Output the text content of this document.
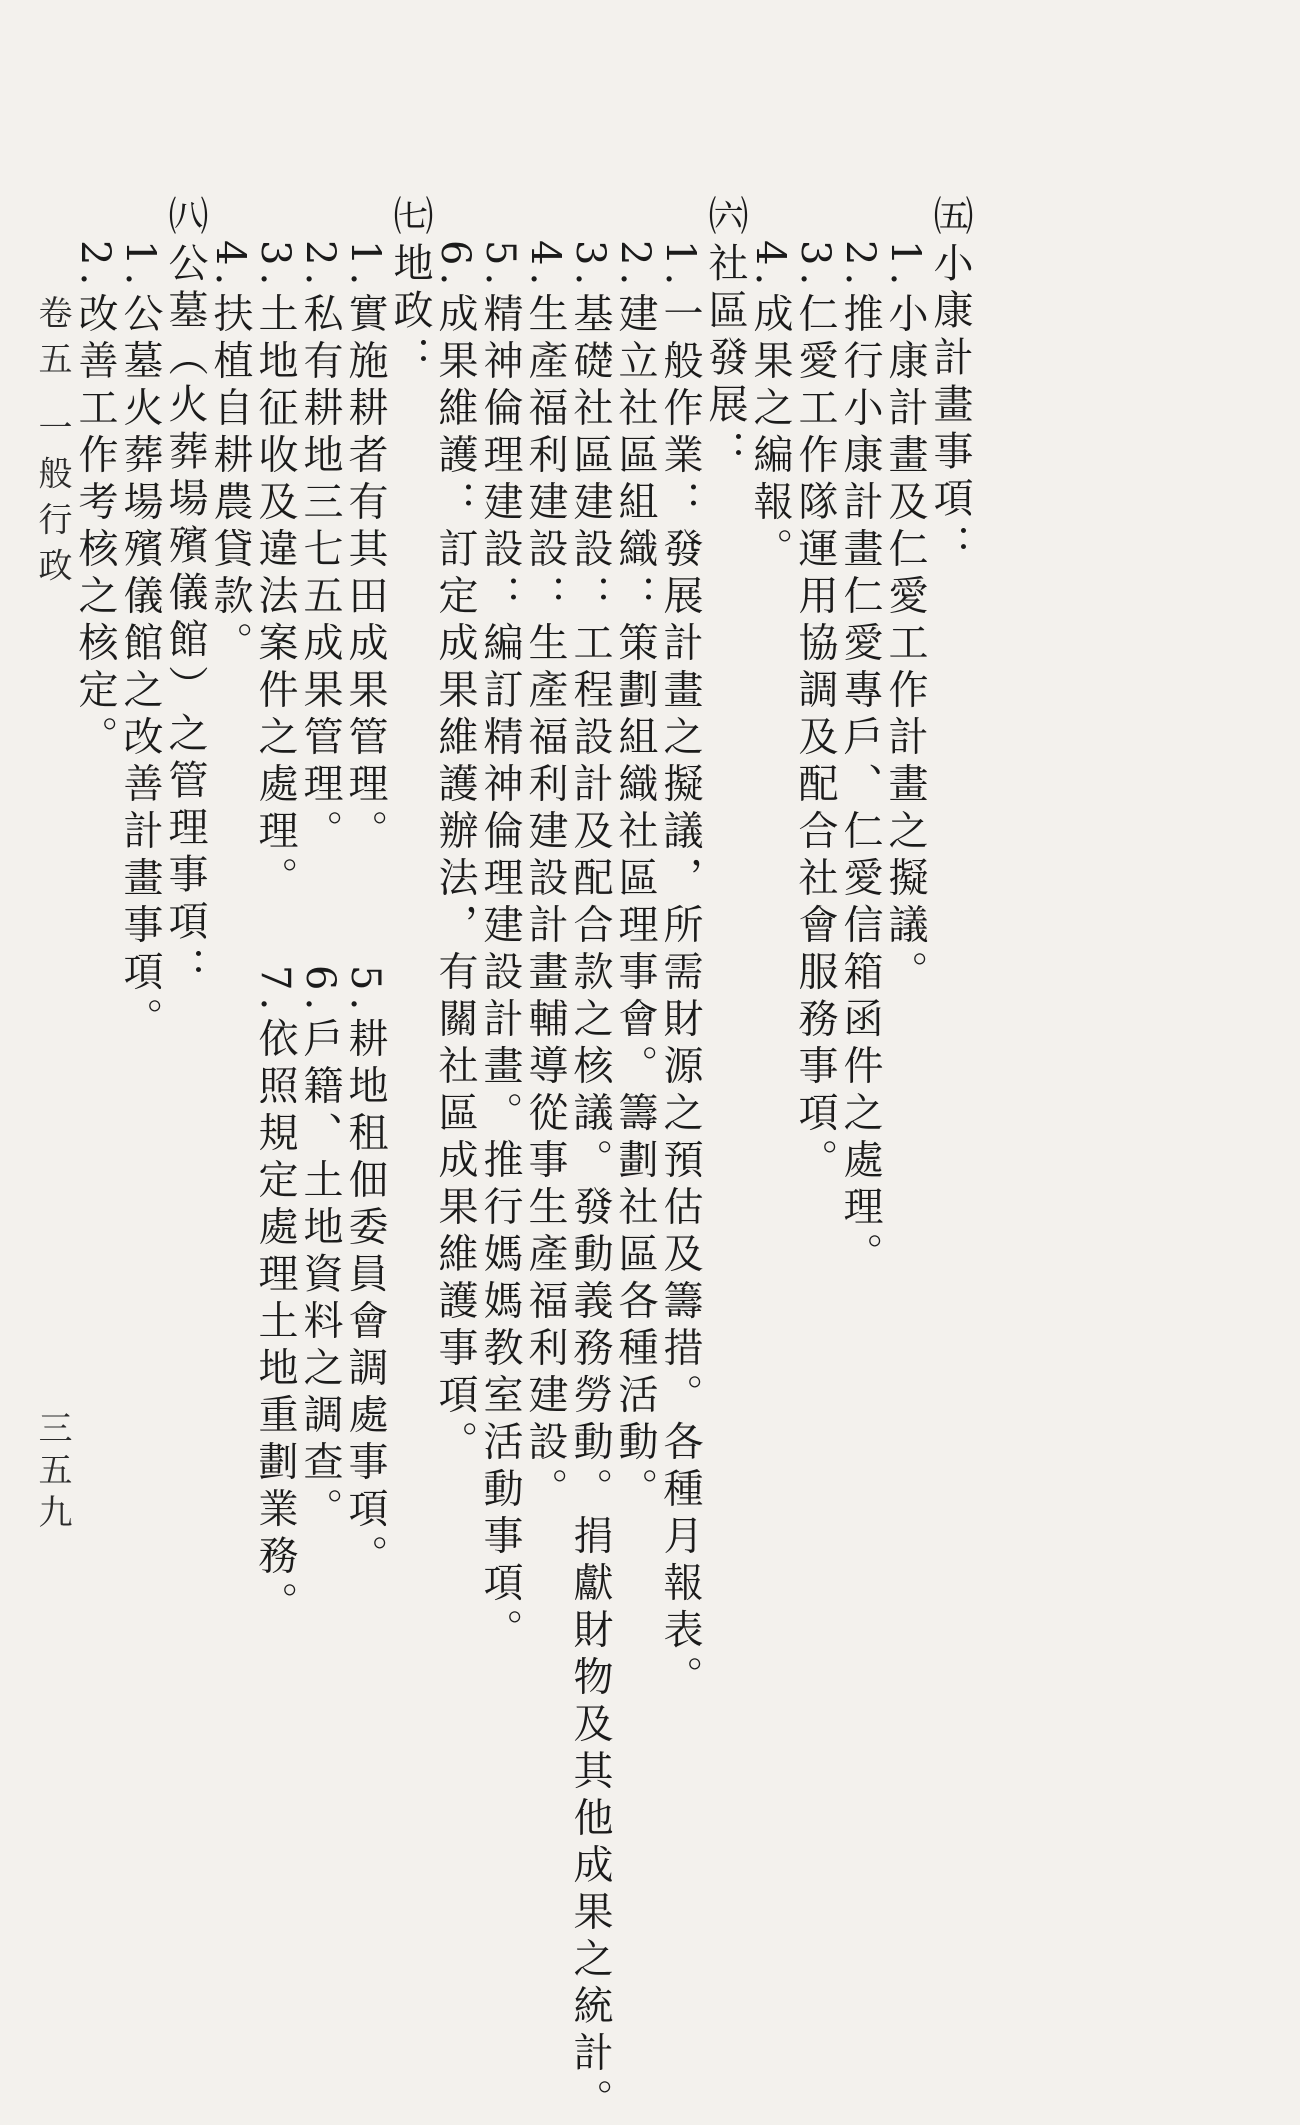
㈤小康計畫事項：
1.小康計畫及仁愛工作計畫之擬議。
2.推行小康計畫仁愛專戶、仁愛信箱函件之處理。
3.仁愛工作隊運用協調及配合社會服務事項。
4.成果之編報。
㈥社區發展：
1.一般作業：發展計畫之擬議，所需財源之預估及籌措。各種月報表。
2.建立社區組織：策劃組織社區理事會。籌劃社區各種活動。
3.基礎社區建設：工程設計及配合款之核議。發動義務勞動。捐獻財物及其他成果之統計。
4.生產福利建設：生產福利建設計畫輔導從事生產福利建設。
5.精神倫理建設：編訂精神倫理建設計畫。推行媽媽教室活動事項。
6.成果維護：訂定成果維護辦法，有關社區成果維護事項。
㈦地政：
1.實施耕者有其田成果管理。
5.耕地租佃委員會調處事項。
2.私有耕地三七五成果管理。
6.戶籍、土地資料之調查。
3.土地征收及違法案件之處理。
7.依照規定處理土地重劃業務。
4.扶植自耕農貸款。
㈧公墓（火葬場殯儀館）之管理事項：
1.公墓火葬場殯儀館之改善計畫事項。
2.改善工作考核之核定。
卷五 一般行政
三五九
